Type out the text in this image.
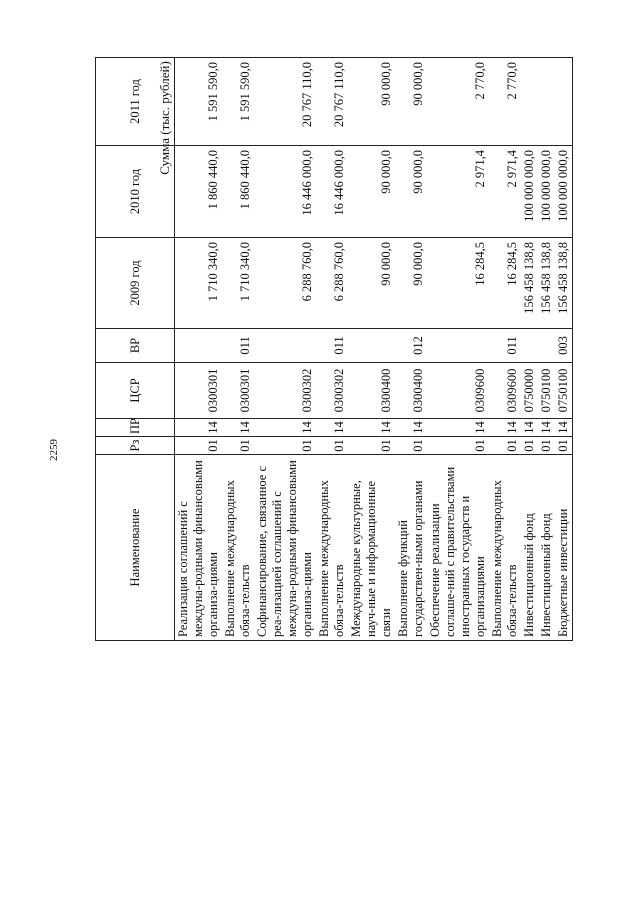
2259
Сумма (тыс. рублей)
Наименование	Рз	ПР	ЦСР	ВР	2009 год	2010 год	2011 год
Реализация соглашений с междуна-родными финансовыми организа-циями	01	14	0300301		1 710 340,0	1 860 440,0	1 591 590,0
Выполнение международных обяза-тельств	01	14	0300301	011	1 710 340,0	1 860 440,0	1 591 590,0
Софинансирование, связанное с реа-лизацией соглашений с междуна-родными финансовыми организа-циями	01	14	0300302		6 288 760,0	16 446 000,0	20 767 110,0
Выполнение международных обяза-тельств	01	14	0300302	011	6 288 760,0	16 446 000,0	20 767 110,0
Международные культурные, науч-ные и информационные связи	01	14	0300400		90 000,0	90 000,0	90 000,0
Выполнение функций государствен-ными органами	01	14	0300400	012	90 000,0	90 000,0	90 000,0
Обеспечение реализации соглаше-ний с правительствами иностранных государств и организациями	01	14	0309600		16 284,5	2 971,4	2 770,0
Выполнение международных обяза-тельств	01	14	0309600	011	16 284,5	2 971,4	2 770,0
Инвестиционный фонд	01	14	0750000		156 458 138,8	100 000 000,0	
Инвестиционный фонд	01	14	0750100		156 458 138,8	100 000 000,0	
Бюджетные инвестиции	01	14	0750100	003	156 458 138,8	100 000 000,0	
